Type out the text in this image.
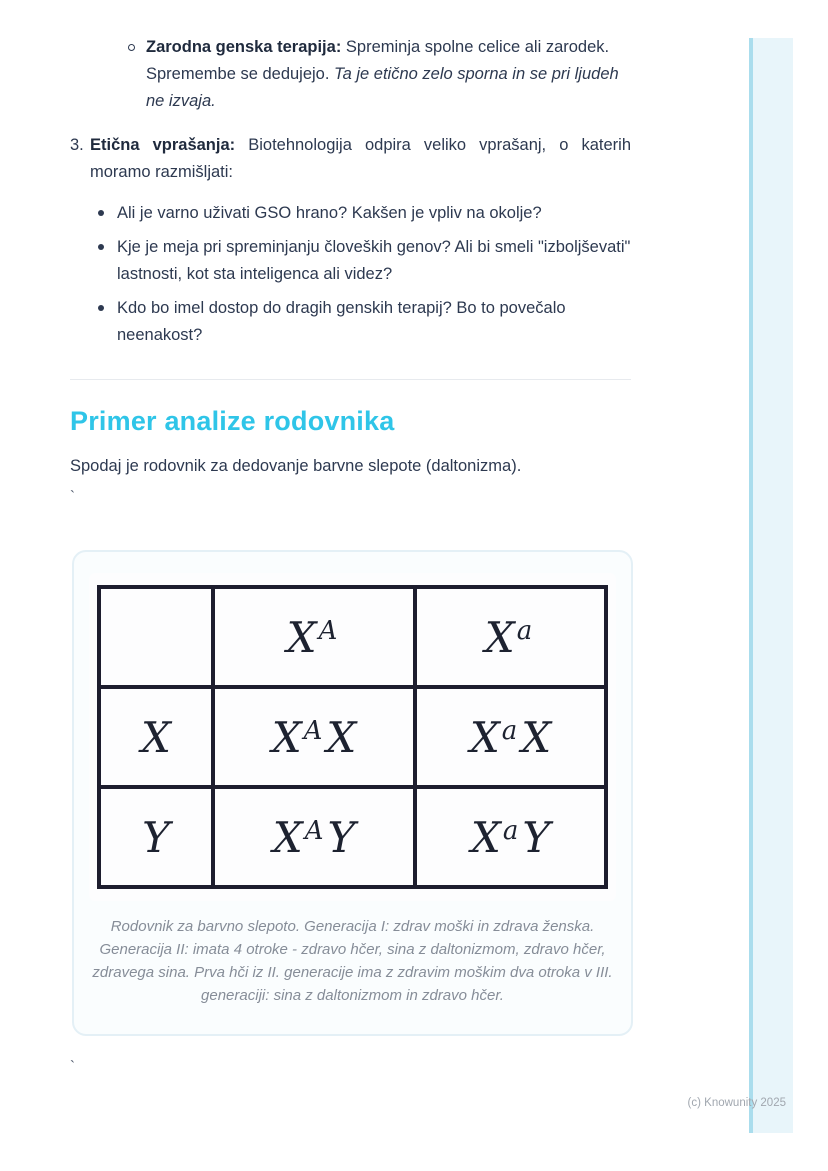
Zarodna genska terapija: Spreminja spolne celice ali zarodek. Spremembe se dedujejo. Ta je etično zelo sporna in se pri ljudeh ne izvaja.
3. Etična vprašanja: Biotehnologija odpira veliko vprašanj, o katerih moramo razmišljati:
Ali je varno uživati GSO hrano? Kakšen je vpliv na okolje?
Kje je meja pri spreminjanju človeških genov? Ali bi smeli "izboljševati" lastnosti, kot sta inteligenca ali videz?
Kdo bo imel dostop do dragih genskih terapij? Bo to povečalo neenakost?
Primer analize rodovnika

Spodaj je rodovnik za dedovanje barvne slepote (daltonizma).

`
	$X^A$	$X^a$
X	$X^AX$	$X^aX$
Y	$X^AY$	$X^aY$
Rodovnik za barvno slepoto. Generacija I: zdrav moški in zdrava ženska. Generacija II: imata 4 otroke - zdravo hčer, sina z daltonizmom, zdravo hčer, zdravega sina. Prva hči iz II. generacije ima z zdravim moškim dva otroka v III. generaciji: sina z daltonizmom in zdravo hčer.
`
(c) Knowunity 2025
